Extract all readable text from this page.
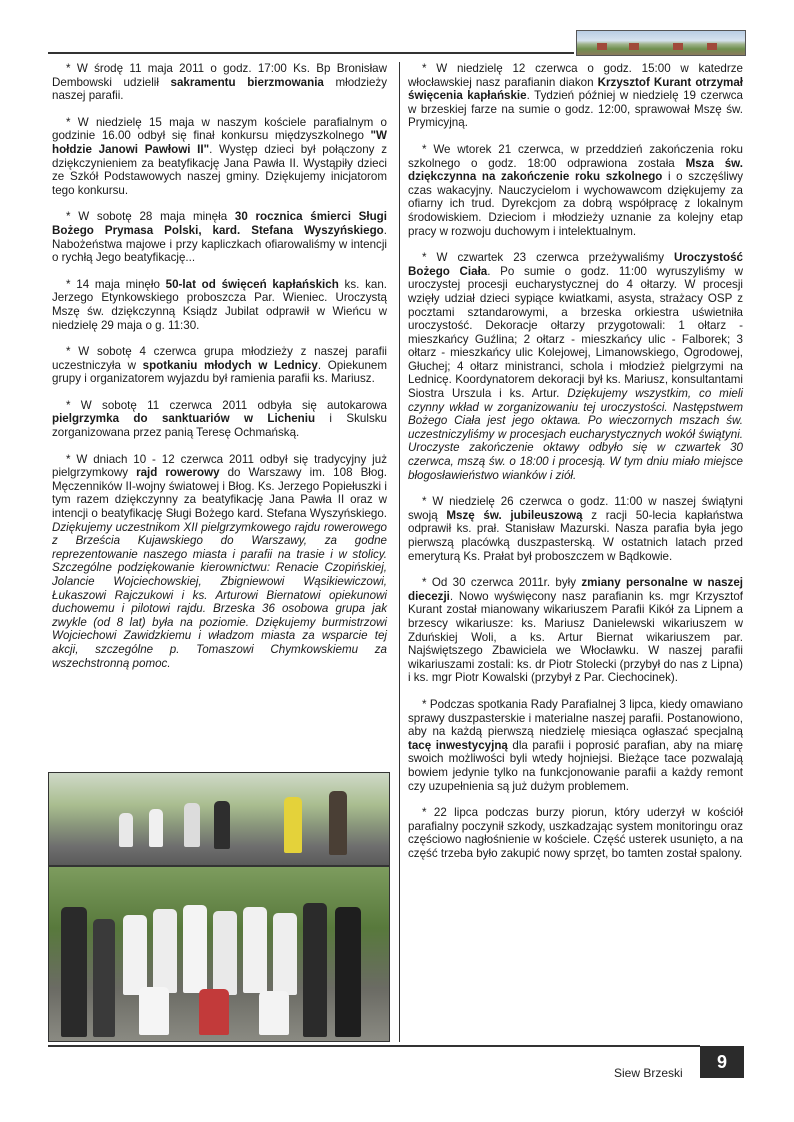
* W środę 11 maja 2011 o godz. 17:00 Ks. Bp Bronisław Dembowski udzielił sakramentu bierzmowania młodzieży naszej parafii.

* W niedzielę 15 maja w naszym kościele parafialnym o godzinie 16.00 odbył się finał konkursu międzyszkolnego "W hołdzie Janowi Pawłowi II". Występ dzieci był połączony z dziękczynieniem za beatyfikację Jana Pawła II. Wystąpiły dzieci ze Szkół Podstawowych naszej gminy. Dziękujemy inicjatorom tego konkursu.

* W sobotę 28 maja minęła 30 rocznica śmierci Sługi Bożego Prymasa Polski, kard. Stefana Wyszyńskiego. Nabożeństwa majowe i przy kapliczkach ofiarowaliśmy w intencji o rychłą Jego beatyfikację...

* 14 maja minęło 50-lat od święceń kapłańskich ks. kan. Jerzego Etynkowskiego proboszcza Par. Wieniec. Uroczystą Mszę św. dziękczynną Ksiądz Jubilat odprawił w Wieńcu w niedzielę 29 maja o g. 11:30.

* W sobotę 4 czerwca grupa młodzieży z naszej parafii uczestniczyła w spotkaniu młodych w Lednicy. Opiekunem grupy i organizatorem wyjazdu był ramienia parafii ks. Mariusz.

* W sobotę 11 czerwca 2011 odbyła się autokarowa pielgrzymka do sanktuariów w Licheniu i Skulsku zorganizowana przez panią Teresę Ochmańską.

* W dniach 10 - 12 czerwca 2011 odbył się tradycyjny już pielgrzymkowy rajd rowerowy do Warszawy im. 108 Błog. Męczenników II-wojny światowej i Błog. Ks. Jerzego Popiełuszki i tym razem dziękczynny za beatyfikację Jana Pawła II oraz w intencji o beatyfikację Sługi Bożego kard. Stefana Wyszyńskiego. Dziękujemy uczestnikom XII pielgrzymkowego rajdu rowerowego z Brześcia Kujawskiego do Warszawy, za godne reprezentowanie naszego miasta i parafii na trasie i w stolicy. Szczególne podziękowanie kierownictwu: Renacie Czopińskiej, Jolancie Wojciechowskiej, Zbigniewowi Wąsikiewiczowi, Łukaszowi Rajczukowi i ks. Arturowi Biernatowi opiekunowi duchowemu i pilotowi rajdu. Brzeska 36 osobowa grupa jak zwykle (od 8 lat) była na poziomie. Dziękujemy burmistrzowi Wojciechowi Zawidzkiemu i władzom miasta za wsparcie tej akcji, szczególne p. Tomaszowi Chymkowskiemu za wszechstronną pomoc.

* W niedzielę 12 czerwca o godz. 15:00 w katedrze włocławskiej nasz parafianin diakon Krzysztof Kurant otrzymał święcenia kapłańskie. Tydzień później w niedzielę 19 czerwca w brzeskiej farze na sumie o godz. 12:00, sprawował Mszę św. Prymicyjną.

* We wtorek 21 czerwca, w przeddzień zakończenia roku szkolnego o godz. 18:00 odprawiona została Msza św. dziękczynna na zakończenie roku szkolnego i o szczęśliwy czas wakacyjny. Nauczycielom i wychowawcom dziękujemy za ofiarny ich trud. Dyrekcjom za dobrą współpracę z lokalnym środowiskiem. Dzieciom i młodzieży uznanie za kolejny etap pracy w rozwoju duchowym i intelektualnym.

* W czwartek 23 czerwca przeżywaliśmy Uroczystość Bożego Ciała. Po sumie o godz. 11:00 wyruszyliśmy w uroczystej procesji eucharystycznej do 4 ołtarzy. W procesji wzięły udział dzieci sypiące kwiatkami, asysta, strażacy OSP z pocztami sztandarowymi, a brzeska orkiestra uświetniła uroczystość. Dekoracje ołtarzy przygotowali: 1 ołtarz - mieszkańcy Guźlina; 2 ołtarz - mieszkańcy ulic - Falborek; 3 ołtarz - mieszkańcy ulic Kolejowej, Limanowskiego, Ogrodowej, Głuchej; 4 ołtarz ministranci, schola i młodzież pielgrzymi na Lednicę. Koordynatorem dekoracji był ks. Mariusz, konsultantami Siostra Urszula i ks. Artur. Dziękujemy wszystkim, co mieli czynny wkład w zorganizowaniu tej uroczystości. Następstwem Bożego Ciała jest jego oktawa. Po wieczornych mszach św. uczestniczyliśmy w procesjach eucharystycznych wokół świątyni. Uroczyste zakończenie oktawy odbyło się w czwartek 30 czerwca, mszą św. o 18:00 i procesją. W tym dniu miało miejsce błogosławieństwo wianków i ziół.

* W niedzielę 26 czerwca o godz. 11:00 w naszej świątyni swoją Mszę św. jubileuszową z racji 50-lecia kapłaństwa odprawił ks. prał. Stanisław Mazurski. Nasza parafia była jego pierwszą placówką duszpasterską. W ostatnich latach przed emeryturą Ks. Prałat był proboszczem w Bądkowie.

* Od 30 czerwca 2011r. były zmiany personalne w naszej diecezji. Nowo wyświęcony nasz parafianin ks. mgr Krzysztof Kurant został mianowany wikariuszem Parafii Kikół za Lipnem a brzescy wikariusze: ks. Mariusz Danielewski wikariuszem w Zduńskiej Woli, a ks. Artur Biernat wikariuszem par. Najświętszego Zbawiciela we Włocławku. W naszej parafii wikariuszami zostali: ks. dr Piotr Stolecki (przybył do nas z Lipna) i ks. mgr Piotr Kowalski (przybył z Par. Ciechocinek).

* Podczas spotkania Rady Parafialnej 3 lipca, kiedy omawiano sprawy duszpasterskie i materialne naszej parafii. Postanowiono, aby na każdą pierwszą niedzielę miesiąca ogłaszać specjalną tacę inwestycyjną dla parafii i poprosić parafian, aby na miarę swoich możliwości byli wtedy hojniejsi. Bieżące tace pozwalają bowiem jedynie tylko na funkcjonowanie parafii a każdy remont czy uzupełnienia są już dużym problemem.

* 22 lipca podczas burzy piorun, który uderzył w kościół parafialny poczynił szkody, uszkadzając system monitoringu oraz częściowo nagłośnienie w kościele. Część usterek usunięto, a na część trzeba było zakupić nowy sprzęt, bo tamten został spalony.

Siew Brzeski
9
